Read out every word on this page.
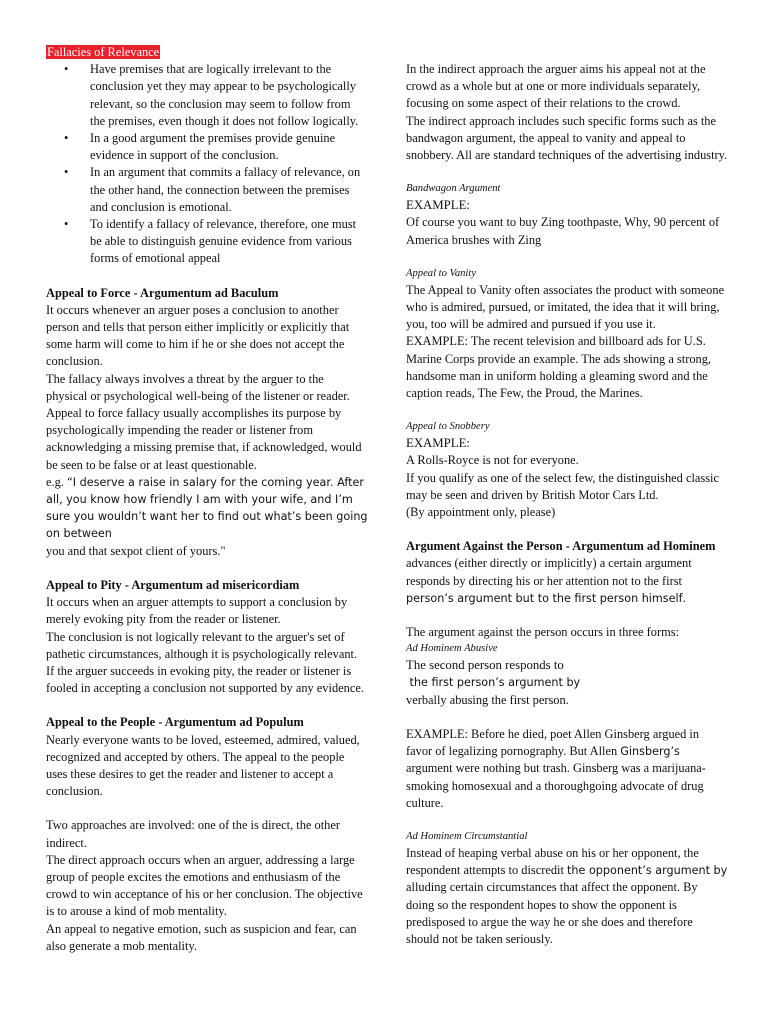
Fallacies of Relevance

• Have premises that are logically irrelevant to the conclusion yet they may appear to be psychologically relevant, so the conclusion may seem to follow from the premises, even though it does not follow logically.
• In a good argument the premises provide genuine evidence in support of the conclusion.
• In an argument that commits a fallacy of relevance, on the other hand, the connection between the premises and conclusion is emotional.
• To identify a fallacy of relevance, therefore, one must be able to distinguish genuine evidence from various forms of emotional appeal
Appeal to Force - Argumentum ad Baculum

It occurs whenever an arguer poses a conclusion to another person and tells that person either implicitly or explicitly that some harm will come to him if he or she does not accept the conclusion.

The fallacy always involves a threat by the arguer to the physical or psychological well-being of the listener or reader.

Appeal to force fallacy usually accomplishes its purpose by psychologically impending the reader or listener from acknowledging a missing premise that, if acknowledged, would be seen to be false or at least questionable.

e.g. “I deserve a raise in salary for the coming year. After all, you know how friendly I am with your wife, and I’m sure you wouldn’t want her to find out what’s been going on between
you and that sexpot client of yours."

Appeal to Pity - Argumentum ad misericordiam

It occurs when an arguer attempts to support a conclusion by merely evoking pity from the reader or listener.

The conclusion is not logically relevant to the arguer's set of pathetic circumstances, although it is psychologically relevant.

If the arguer succeeds in evoking pity, the reader or listener is fooled in accepting a conclusion not supported by any evidence.

Appeal to the People - Argumentum ad Populum

Nearly everyone wants to be loved, esteemed, admired, valued, recognized and accepted by others. The appeal to the people uses these desires to get the reader and listener to accept a conclusion.

Two approaches are involved: one of the is direct, the other indirect.

The direct approach occurs when an arguer, addressing a large group of people excites the emotions and enthusiasm of the crowd to win acceptance of his or her conclusion. The objective is to arouse a kind of mob mentality.

An appeal to negative emotion, such as suspicion and fear, can also generate a mob mentality.

In the indirect approach the arguer aims his appeal not at the crowd as a whole but at one or more individuals separately, focusing on some aspect of their relations to the crowd.

The indirect approach includes such specific forms such as the bandwagon argument, the appeal to vanity and appeal to snobbery. All are standard techniques of the advertising industry.

Bandwagon Argument

EXAMPLE:

Of course you want to buy Zing toothpaste, Why, 90 percent of America brushes with Zing

Appeal to Vanity

The Appeal to Vanity often associates the product with someone who is admired, pursued, or imitated, the idea that it will bring, you, too will be admired and pursued if you use it.

EXAMPLE: The recent television and billboard ads for U.S. Marine Corps provide an example. The ads showing a strong, handsome man in uniform holding a gleaming sword and the caption reads, The Few, the Proud, the Marines.

Appeal to Snobbery

EXAMPLE:

A Rolls-Royce is not for everyone.

If you qualify as one of the select few, the distinguished classic may be seen and driven by British Motor Cars Ltd.

(By appointment only, please)

Argument Against the Person - Argumentum ad Hominem

advances (either directly or implicitly) a certain argument responds by directing his or her attention not to the first person’s argument but to the first person himself.

The argument against the person occurs in three forms:

Ad Hominem Abusive

The second person responds to

the first person’s argument by

verbally abusing the first person.

EXAMPLE: Before he died, poet Allen Ginsberg argued in favor of legalizing pornography. But Allen Ginsberg’s argument were nothing but trash. Ginsberg was a marijuana-smoking homosexual and a thoroughgoing advocate of drug culture.

Ad Hominem Circumstantial

Instead of heaping verbal abuse on his or her opponent, the respondent attempts to discredit the opponent’s argument by alluding certain circumstances that affect the opponent. By doing so the respondent hopes to show the opponent is predisposed to argue the way he or she does and therefore should not be taken seriously.
